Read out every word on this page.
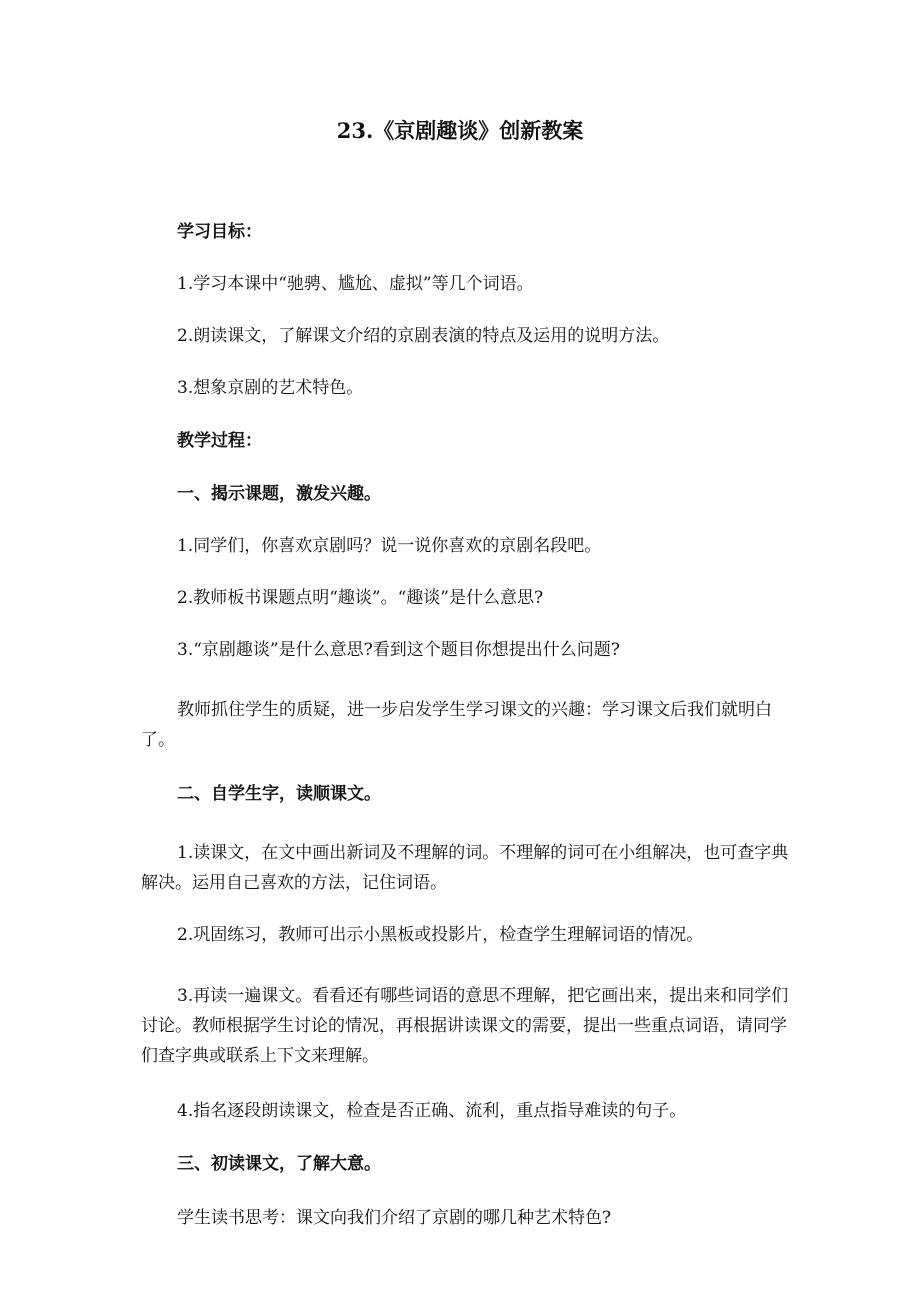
23.《京剧趣谈》创新教案

学习目标：

1.学习本课中“驰骋、尴尬、虚拟”等几个词语。

2.朗读课文，了解课文介绍的京剧表演的特点及运用的说明方法。

3.想象京剧的艺术特色。

教学过程：

一、揭示课题，激发兴趣。

1.同学们，你喜欢京剧吗？说一说你喜欢的京剧名段吧。

2.教师板书课题点明“趣谈”。“趣谈”是什么意思?

3.“京剧趣谈”是什么意思?看到这个题目你想提出什么问题?

教师抓住学生的质疑，进一步启发学生学习课文的兴趣：学习课文后我们就明白了。

二、自学生字，读顺课文。

1.读课文，在文中画出新词及不理解的词。不理解的词可在小组解决，也可查字典解决。运用自己喜欢的方法，记住词语。

2.巩固练习，教师可出示小黑板或投影片，检查学生理解词语的情况。

3.再读一遍课文。看看还有哪些词语的意思不理解，把它画出来，提出来和同学们讨论。教师根据学生讨论的情况，再根据讲读课文的需要，提出一些重点词语，请同学们查字典或联系上下文来理解。

4.指名逐段朗读课文，检查是否正确、流利，重点指导难读的句子。

三、初读课文，了解大意。

学生读书思考：课文向我们介绍了京剧的哪几种艺术特色?
